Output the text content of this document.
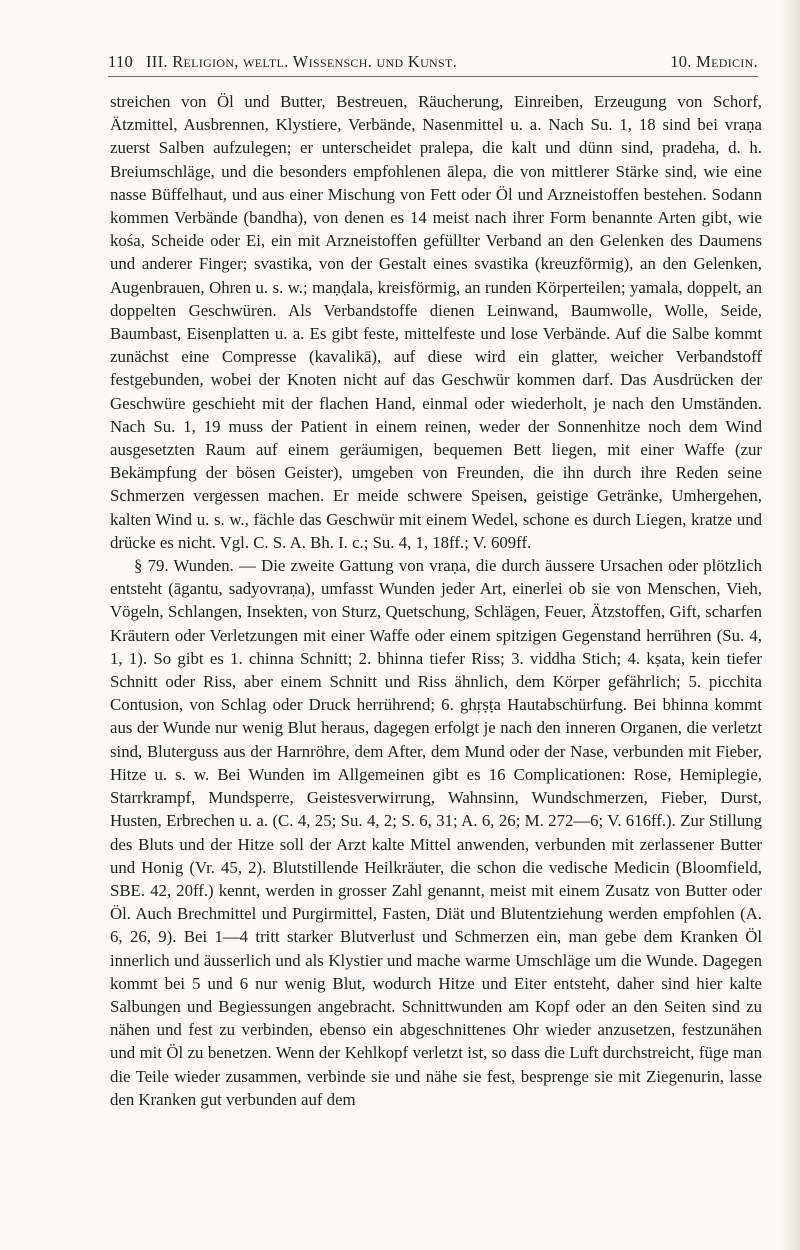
110 III. Religion, weltl. Wissensch. und Kunst.	10. Medicin.

streichen von Öl und Butter, Bestreuen, Räucherung, Einreiben, Erzeugung von Schorf, Ätzmittel, Ausbrennen, Klystiere, Verbände, Nasenmittel u. a. Nach Su. 1, 18 sind bei vraṇa zuerst Salben aufzulegen; er unterscheidet pralepa, die kalt und dünn sind, pradeha, d. h. Breiumschläge, und die besonders empfohlenen ālepa, die von mittlerer Stärke sind, wie eine nasse Büffelhaut, und aus einer Mischung von Fett oder Öl und Arzneistoffen bestehen. Sodann kommen Verbände (bandha), von denen es 14 meist nach ihrer Form benannte Arten gibt, wie kośa, Scheide oder Ei, ein mit Arzneistoffen gefüllter Verband an den Gelenken des Daumens und anderer Finger; svastika, von der Gestalt eines svastika (kreuzförmig), an den Gelenken, Augenbrauen, Ohren u. s. w.; maṇḍala, kreisförmig, an runden Körperteilen; yamala, doppelt, an doppelten Geschwüren. Als Verbandstoffe dienen Leinwand, Baumwolle, Wolle, Seide, Baumbast, Eisenplatten u. a. Es gibt feste, mittelfeste und lose Verbände. Auf die Salbe kommt zunächst eine Compresse (kavalikā), auf diese wird ein glatter, weicher Verbandstoff festgebunden, wobei der Knoten nicht auf das Geschwür kommen darf. Das Ausdrücken der Geschwüre geschieht mit der flachen Hand, einmal oder wiederholt, je nach den Umständen. Nach Su. 1, 19 muss der Patient in einem reinen, weder der Sonnenhitze noch dem Wind ausgesetzten Raum auf einem geräumigen, bequemen Bett liegen, mit einer Waffe (zur Bekämpfung der bösen Geister), umgeben von Freunden, die ihn durch ihre Reden seine Schmerzen vergessen machen. Er meide schwere Speisen, geistige Getränke, Umhergehen, kalten Wind u. s. w., fächle das Geschwür mit einem Wedel, schone es durch Liegen, kratze und drücke es nicht. Vgl. C. S. A. Bh. I. c.; Su. 4, 1, 18ff.; V. 609ff.

§ 79. Wunden. — Die zweite Gattung von vraṇa, die durch äussere Ursachen oder plötzlich entsteht (āgantu, sadyovraṇa), umfasst Wunden jeder Art, einerlei ob sie von Menschen, Vieh, Vögeln, Schlangen, Insekten, von Sturz, Quetschung, Schlägen, Feuer, Ätzstoffen, Gift, scharfen Kräutern oder Verletzungen mit einer Waffe oder einem spitzigen Gegenstand herrühren (Su. 4, 1, 1). So gibt es 1. chinna Schnitt; 2. bhinna tiefer Riss; 3. viddha Stich; 4. kṣata, kein tiefer Schnitt oder Riss, aber einem Schnitt und Riss ähnlich, dem Körper gefährlich; 5. picchita Contusion, von Schlag oder Druck herrührend; 6. ghṛṣṭa Hautabschürfung. Bei bhinna kommt aus der Wunde nur wenig Blut heraus, dagegen erfolgt je nach den inneren Organen, die verletzt sind, Bluterguss aus der Harnröhre, dem After, dem Mund oder der Nase, verbunden mit Fieber, Hitze u. s. w. Bei Wunden im Allgemeinen gibt es 16 Complicationen: Rose, Hemiplegie, Starrkrampf, Mundsperre, Geistesverwirrung, Wahnsinn, Wundschmerzen, Fieber, Durst, Husten, Erbrechen u. a. (C. 4, 25; Su. 4, 2; S. 6, 31; A. 6, 26; M. 272—6; V. 616ff.). Zur Stillung des Bluts und der Hitze soll der Arzt kalte Mittel anwenden, verbunden mit zerlassener Butter und Honig (Vr. 45, 2). Blutstillende Heilkräuter, die schon die vedische Medicin (Bloomfield, SBE. 42, 20ff.) kennt, werden in grosser Zahl genannt, meist mit einem Zusatz von Butter oder Öl. Auch Brechmittel und Purgirmittel, Fasten, Diät und Blutentziehung werden empfohlen (A. 6, 26, 9). Bei 1—4 tritt starker Blutverlust und Schmerzen ein, man gebe dem Kranken Öl innerlich und äusserlich und als Klystier und mache warme Umschläge um die Wunde. Dagegen kommt bei 5 und 6 nur wenig Blut, wodurch Hitze und Eiter entsteht, daher sind hier kalte Salbungen und Begiessungen angebracht. Schnittwunden am Kopf oder an den Seiten sind zu nähen und fest zu verbinden, ebenso ein abgeschnittenes Ohr wieder anzusetzen, festzunähen und mit Öl zu benetzen. Wenn der Kehlkopf verletzt ist, so dass die Luft durchstreicht, füge man die Teile wieder zusammen, verbinde sie und nähe sie fest, besprenge sie mit Ziegenurin, lasse den Kranken gut verbunden auf dem
